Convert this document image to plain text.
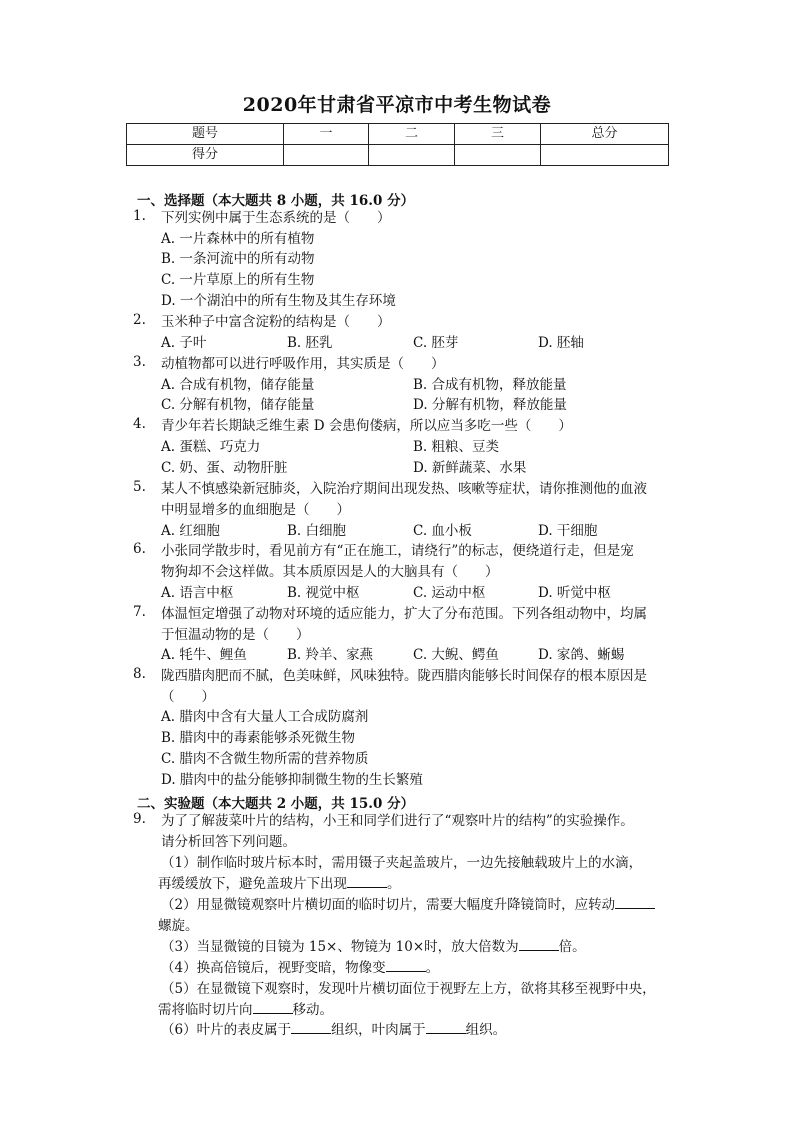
2020年甘肃省平凉市中考生物试卷
题号	一	二	三	总分
得分				
一、选择题（本大题共 8 小题，共 16.0 分）
1. 下列实例中属于生态系统的是（　　）
A. 一片森林中的所有植物
B. 一条河流中的所有动物
C. 一片草原上的所有生物
D. 一个湖泊中的所有生物及其生存环境
2. 玉米种子中富含淀粉的结构是（　　）
A. 子叶	B. 胚乳	C. 胚芽	D. 胚轴
3. 动植物都可以进行呼吸作用，其实质是（　　）
A. 合成有机物，储存能量	B. 合成有机物，释放能量
C. 分解有机物，储存能量	D. 分解有机物，释放能量
4. 青少年若长期缺乏维生素 D 会患佝偻病，所以应当多吃一些（　　）
A. 蛋糕、巧克力	B. 粗粮、豆类
C. 奶、蛋、动物肝脏	D. 新鲜蔬菜、水果
5. 某人不慎感染新冠肺炎，入院治疗期间出现发热、咳嗽等症状，请你推测他的血液
中明显增多的血细胞是（　　）
A. 红细胞	B. 白细胞	C. 血小板	D. 干细胞
6. 小张同学散步时，看见前方有“正在施工，请绕行”的标志，便绕道行走，但是宠
物狗却不会这样做。其本质原因是人的大脑具有（　　）
A. 语言中枢	B. 视觉中枢	C. 运动中枢	D. 听觉中枢
7. 体温恒定增强了动物对环境的适应能力，扩大了分布范围。下列各组动物中，均属
于恒温动物的是（　　）
A. 牦牛、鲤鱼	B. 羚羊、家燕	C. 大鲵、鳄鱼	D. 家鸽、蜥蜴
8. 陇西腊肉肥而不腻，色美味鲜，风味独特。陇西腊肉能够长时间保存的根本原因是
（　　）
A. 腊肉中含有大量人工合成防腐剂
B. 腊肉中的毒素能够杀死微生物
C. 腊肉不含微生物所需的营养物质
D. 腊肉中的盐分能够抑制微生物的生长繁殖
二、实验题（本大题共 2 小题，共 15.0 分）
9. 为了了解菠菜叶片的结构，小王和同学们进行了“观察叶片的结构”的实验操作。
请分析回答下列问题。
（1）制作临时玻片标本时，需用镊子夹起盖玻片，一边先接触载玻片上的水滴，
再缓缓放下，避免盖玻片下出现	。
（2）用显微镜观察叶片横切面的临时切片，需要大幅度升降镜筒时，应转动
螺旋。
（3）当显微镜的目镜为 15×、物镜为 10×时，放大倍数为	倍。
（4）换高倍镜后，视野变暗，物像变	。
（5）在显微镜下观察时，发现叶片横切面位于视野左上方，欲将其移至视野中央，
需将临时切片向	移动。
（6）叶片的表皮属于	组织，叶肉属于	组织。
